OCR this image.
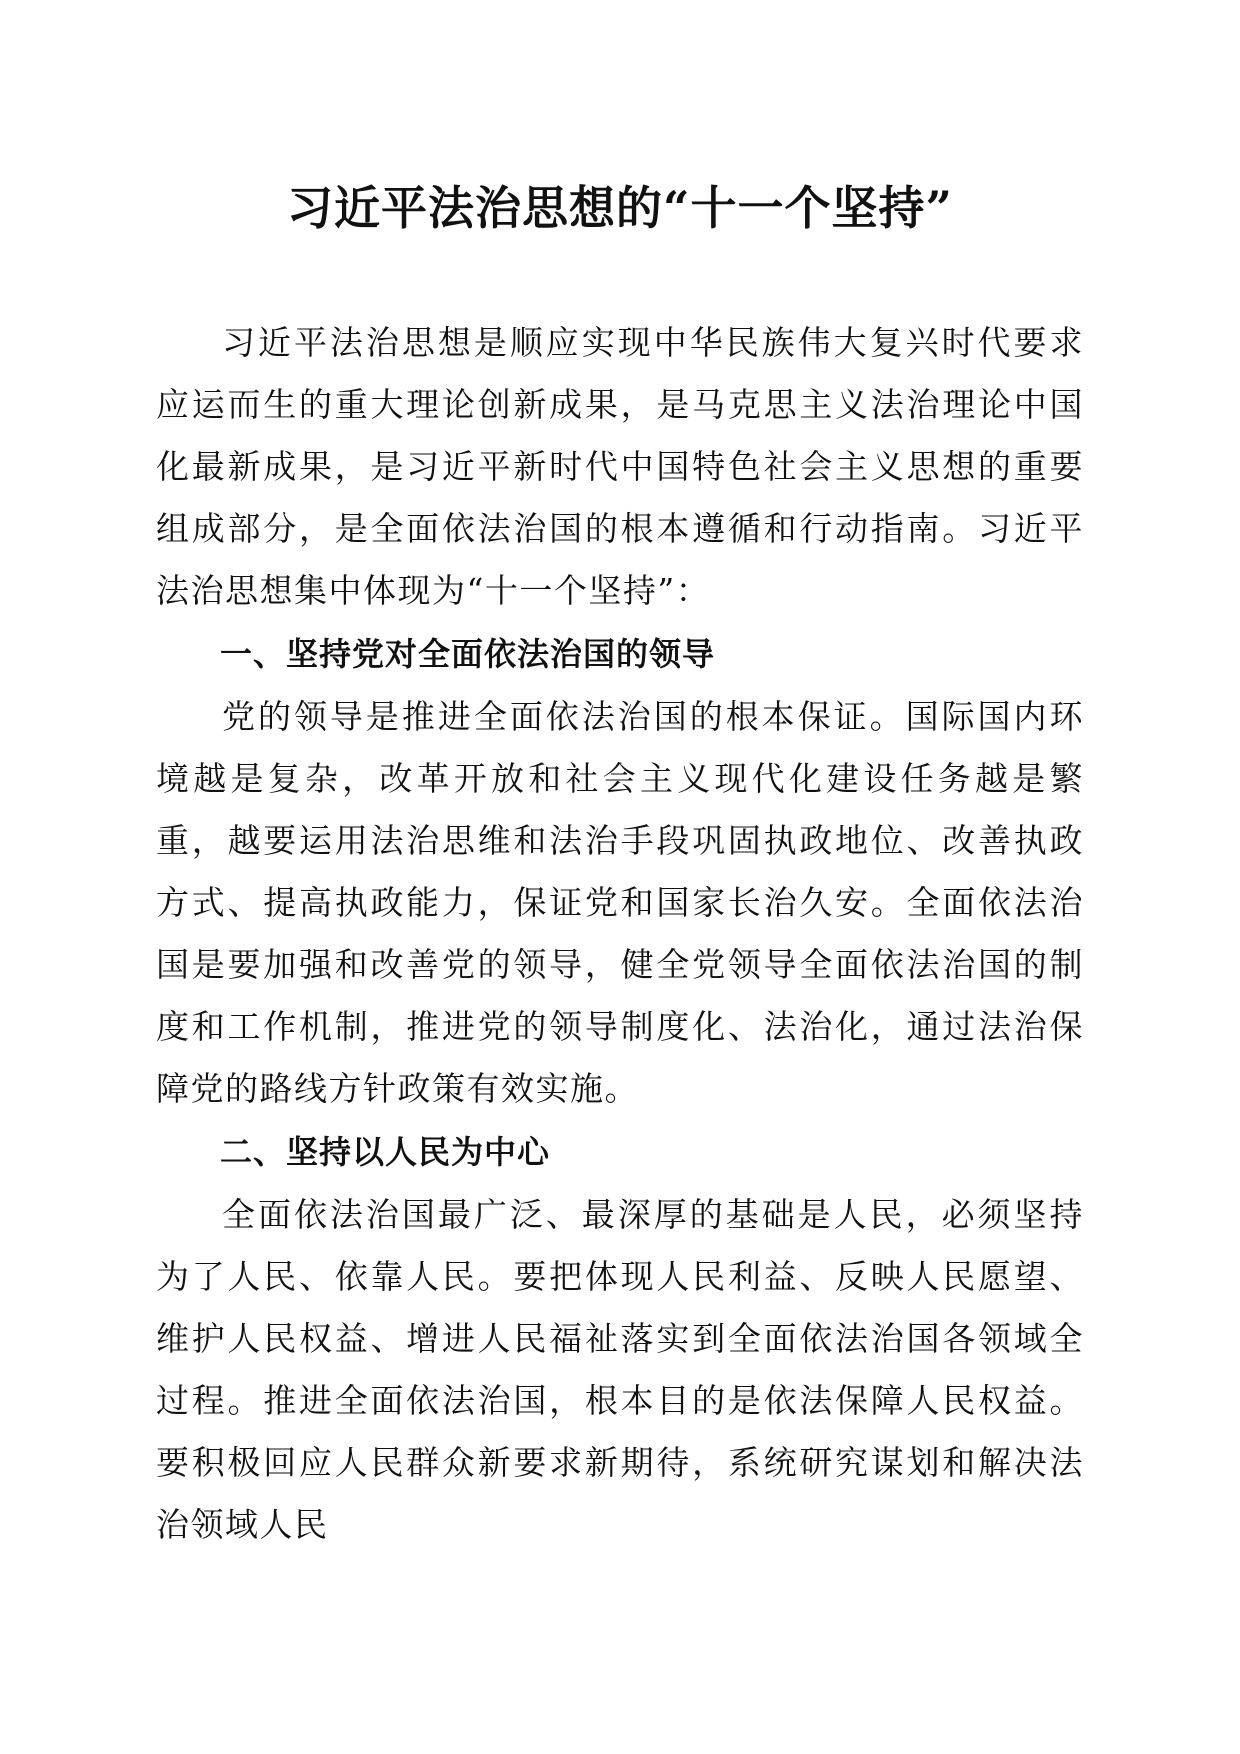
习近平法治思想的“十一个坚持”

习近平法治思想是顺应实现中华民族伟大复兴时代要求应运而生的重大理论创新成果，是马克思主义法治理论中国化最新成果，是习近平新时代中国特色社会主义思想的重要组成部分，是全面依法治国的根本遵循和行动指南。习近平法治思想集中体现为“十一个坚持”：

一、坚持党对全面依法治国的领导

党的领导是推进全面依法治国的根本保证。国际国内环境越是复杂，改革开放和社会主义现代化建设任务越是繁重，越要运用法治思维和法治手段巩固执政地位、改善执政方式、提高执政能力，保证党和国家长治久安。全面依法治国是要加强和改善党的领导，健全党领导全面依法治国的制度和工作机制，推进党的领导制度化、法治化，通过法治保障党的路线方针政策有效实施。

二、坚持以人民为中心

全面依法治国最广泛、最深厚的基础是人民，必须坚持为了人民、依靠人民。要把体现人民利益、反映人民愿望、维护人民权益、增进人民福祉落实到全面依法治国各领域全过程。推进全面依法治国，根本目的是依法保障人民权益。要积极回应人民群众新要求新期待，系统研究谋划和解决法治领域人民
